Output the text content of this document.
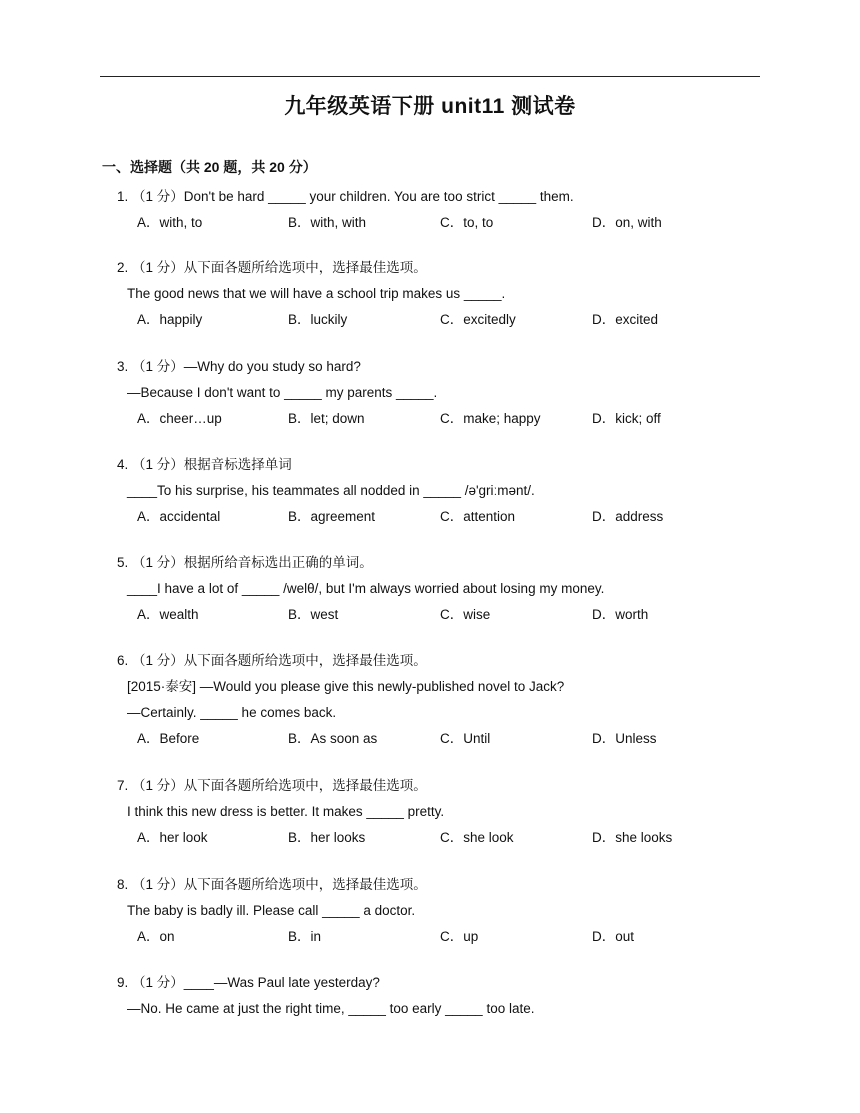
九年级英语下册 unit11 测试卷
一、选择题（共 20 题，共 20 分）
1. （1 分）Don't be hard _____ your children. You are too strict _____ them.
A．with, to	B．with, with	C．to, to	D．on, with
2. （1 分）从下面各题所给选项中，选择最佳选项。
The good news that we will have a school trip makes us _____.
A．happily	B．luckily	C．excitedly	D．excited
3. （1 分）—Why do you study so hard?
—Because I don't want to _____ my parents _____.
A．cheer…up	B．let; down	C．make; happy	D．kick; off
4. （1 分）根据音标选择单词
____To his surprise, his teammates all nodded in _____ /ə'ɡriːmənt/.
A．accidental	B．agreement	C．attention	D．address
5. （1 分）根据所给音标选出正确的单词。
____I have a lot of _____ /welθ/, but I'm always worried about losing my money.
A．wealth	B．west	C．wise	D．worth
6. （1 分）从下面各题所给选项中，选择最佳选项。
[2015·泰安] —Would you please give this newly-published novel to Jack?
—Certainly. _____ he comes back.
A．Before	B．As soon as	C．Until	D．Unless
7. （1 分）从下面各题所给选项中，选择最佳选项。
I think this new dress is better. It makes _____ pretty.
A．her look	B．her looks	C．she look	D．she looks
8. （1 分）从下面各题所给选项中，选择最佳选项。
The baby is badly ill. Please call _____ a doctor.
A．on	B．in	C．up	D．out
9. （1 分）____—Was Paul late yesterday?
—No. He came at just the right time, _____ too early _____ too late.
